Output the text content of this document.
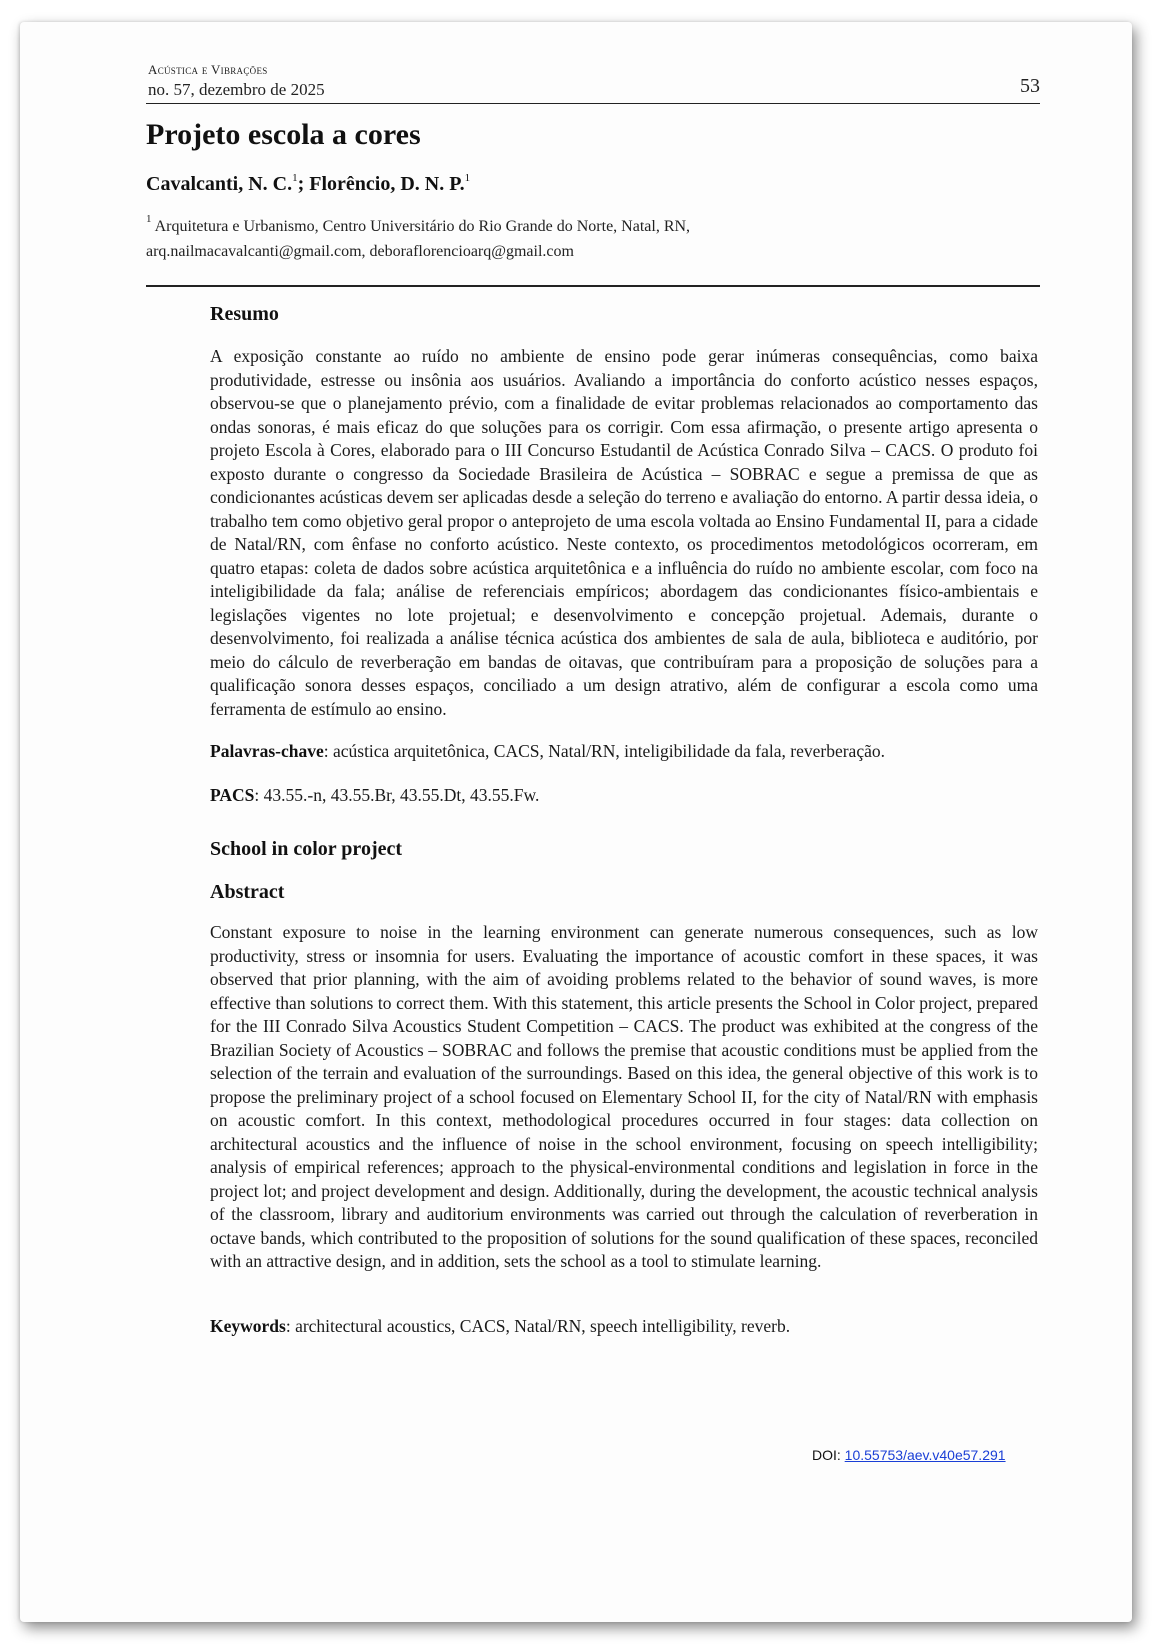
Acústica e Vibrações
no. 57, dezembro de 2025	53
Projeto escola a cores
Cavalcanti, N. C.$^1$; Florêncio, D. N. P.$^1$
$^1$ Arquitetura e Urbanismo, Centro Universitário do Rio Grande do Norte, Natal, RN,
arq.nailmacavalcanti@gmail.com, deboraflorencioarq@gmail.com
Resumo
A exposição constante ao ruído no ambiente de ensino pode gerar inúmeras consequências, como baixa produtividade, estresse ou insônia aos usuários. Avaliando a importância do conforto acústico nesses espaços, observou-se que o planejamento prévio, com a finalidade de evitar problemas relacionados ao comportamento das ondas sonoras, é mais eficaz do que soluções para os corrigir. Com essa afirmação, o presente artigo apresenta o projeto Escola à Cores, elaborado para o III Concurso Estudantil de Acústica Conrado Silva – CACS. O produto foi exposto durante o congresso da Sociedade Brasileira de Acústica – SOBRAC e segue a premissa de que as condicionantes acústicas devem ser aplicadas desde a seleção do terreno e avaliação do entorno. A partir dessa ideia, o trabalho tem como objetivo geral propor o anteprojeto de uma escola voltada ao Ensino Fundamental II, para a cidade de Natal/RN, com ênfase no conforto acústico. Neste contexto, os procedimentos metodológicos ocorreram, em quatro etapas: coleta de dados sobre acústica arquitetônica e a influência do ruído no ambiente escolar, com foco na inteligibilidade da fala; análise de referenciais empíricos; abordagem das condicionantes físico-ambientais e legislações vigentes no lote projetual; e desenvolvimento e concepção projetual. Ademais, durante o desenvolvimento, foi realizada a análise técnica acústica dos ambientes de sala de aula, biblioteca e auditório, por meio do cálculo de reverberação em bandas de oitavas, que contribuíram para a proposição de soluções para a qualificação sonora desses espaços, conciliado a um design atrativo, além de configurar a escola como uma ferramenta de estímulo ao ensino.
Palavras-chave: acústica arquitetônica, CACS, Natal/RN, inteligibilidade da fala, reverberação.
PACS: 43.55.-n, 43.55.Br, 43.55.Dt, 43.55.Fw.
School in color project
Abstract
Constant exposure to noise in the learning environment can generate numerous consequences, such as low productivity, stress or insomnia for users. Evaluating the importance of acoustic comfort in these spaces, it was observed that prior planning, with the aim of avoiding problems related to the behavior of sound waves, is more effective than solutions to correct them. With this statement, this article presents the School in Color project, prepared for the III Conrado Silva Acoustics Student Competition – CACS. The product was exhibited at the congress of the Brazilian Society of Acoustics – SOBRAC and follows the premise that acoustic conditions must be applied from the selection of the terrain and evaluation of the surroundings. Based on this idea, the general objective of this work is to propose the preliminary project of a school focused on Elementary School II, for the city of Natal/RN with emphasis on acoustic comfort. In this context, methodological procedures occurred in four stages: data collection on architectural acoustics and the influence of noise in the school environment, focusing on speech intelligibility; analysis of empirical references; approach to the physical-environmental conditions and legislation in force in the project lot; and project development and design. Additionally, during the development, the acoustic technical analysis of the classroom, library and auditorium environments was carried out through the calculation of reverberation in octave bands, which contributed to the proposition of solutions for the sound qualification of these spaces, reconciled with an attractive design, and in addition, sets the school as a tool to stimulate learning.
Keywords: architectural acoustics, CACS, Natal/RN, speech intelligibility, reverb.
DOI: 10.55753/aev.v40e57.291
